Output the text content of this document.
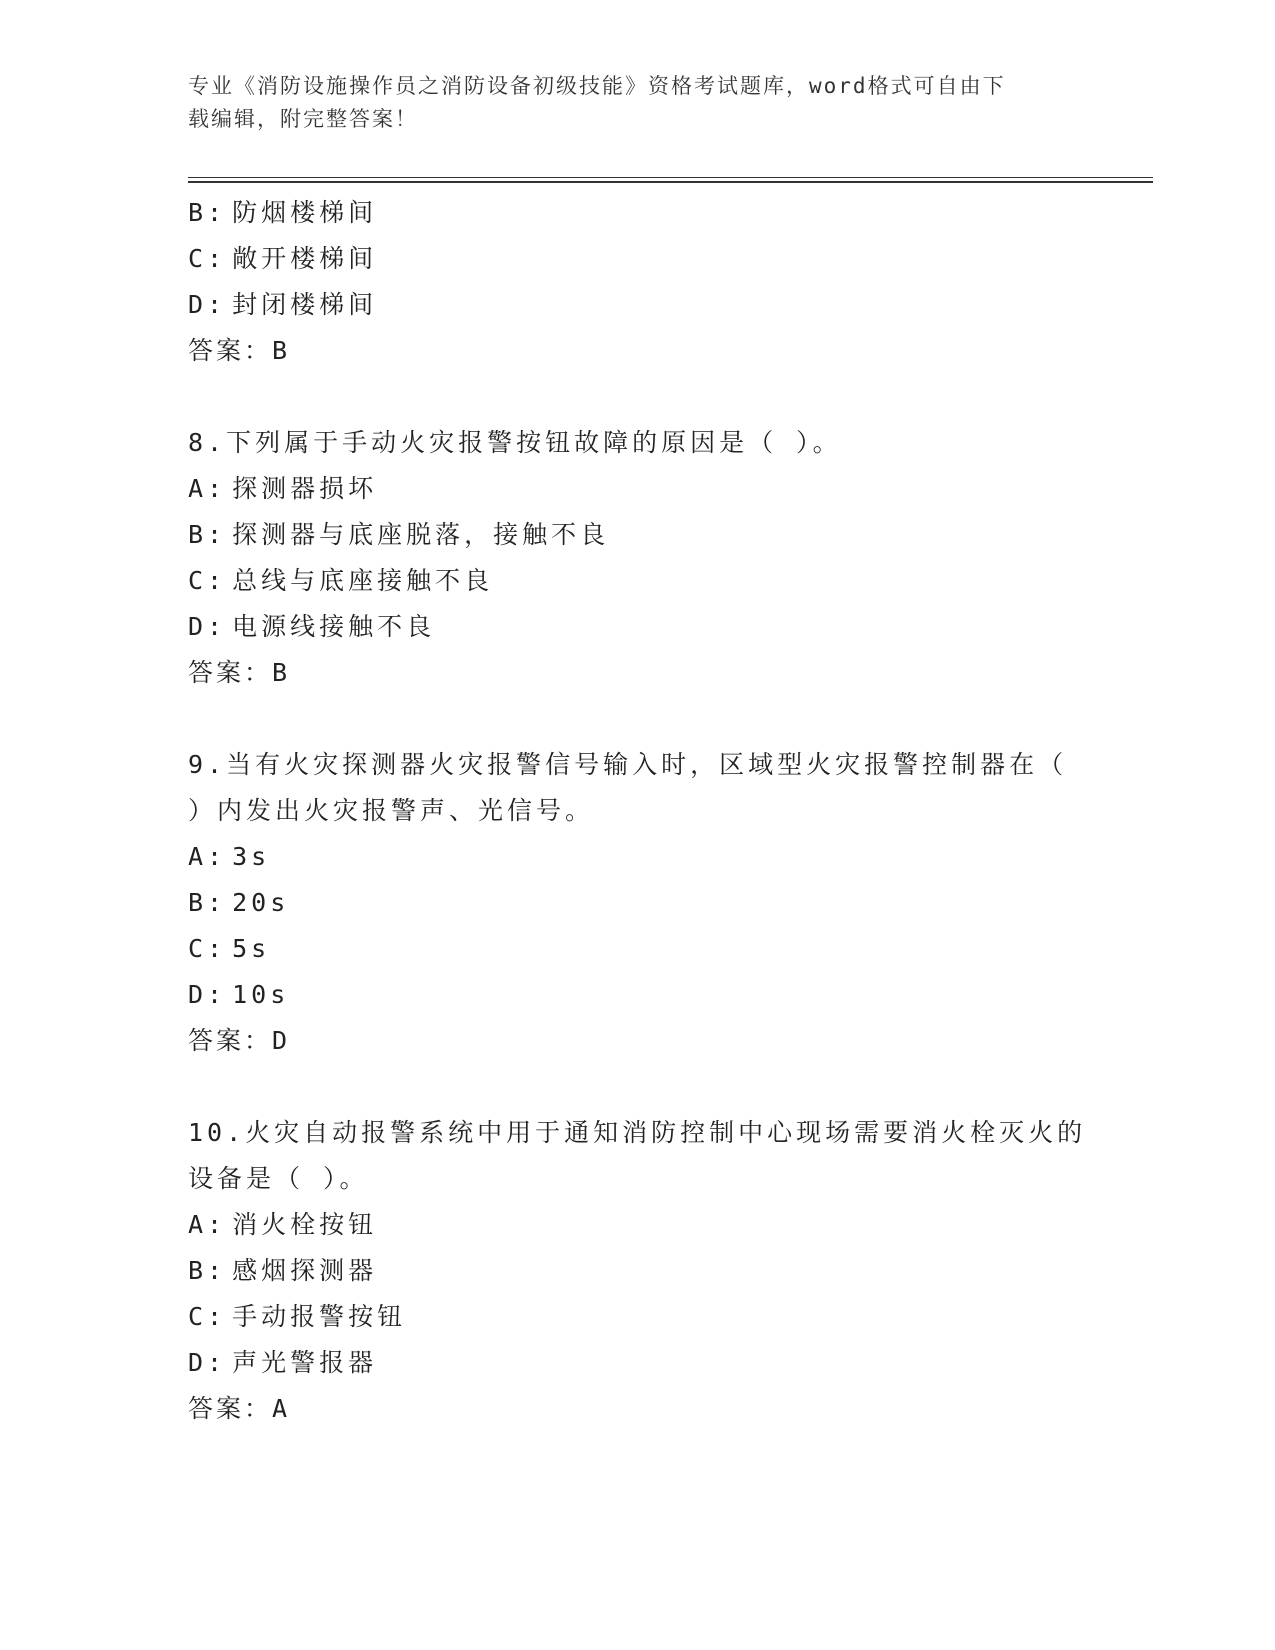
专业《消防设施操作员之消防设备初级技能》资格考试题库，word格式可自由下
载编辑，附完整答案！
B: 防烟楼梯间
C: 敞开楼梯间
D: 封闭楼梯间
答案：B
8.下列属于手动火灾报警按钮故障的原因是（ ）。
A: 探测器损坏
B: 探测器与底座脱落，接触不良
C: 总线与底座接触不良
D: 电源线接触不良
答案：B
9.当有火灾探测器火灾报警信号输入时，区域型火灾报警控制器在（
）内发出火灾报警声、光信号。
A: 3s
B: 20s
C: 5s
D: 10s
答案：D
10.火灾自动报警系统中用于通知消防控制中心现场需要消火栓灭火的
设备是（ ）。
A: 消火栓按钮
B: 感烟探测器
C: 手动报警按钮
D: 声光警报器
答案：A
